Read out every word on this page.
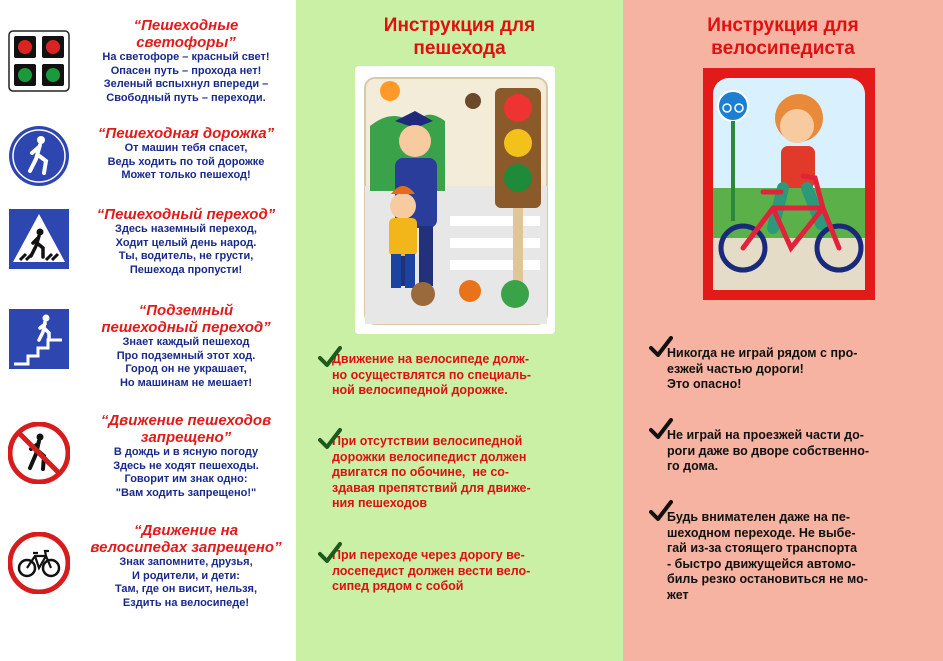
“Пешеходные
светофоры”
На светофоре – красный свет!
Опасен путь – прохода нет!
Зеленый вспыхнул впереди –
Свободный путь – переходи.
“Пешеходная дорожка”
От машин тебя спасет,
Ведь ходить по той дорожке
Может только пешеход!
“Пешеходный переход”
Здесь наземный переход,
Ходит целый день народ.
Ты, водитель, не грусти,
Пешехода пропусти!
“Подземный
пешеходный переход”
Знает каждый пешеход
Про подземный этот ход.
Город он не украшает,
Но машинам не мешает!
“Движение пешеходов
запрещено”
В дождь и в ясную погоду
Здесь не ходят пешеходы.
Говорит им знак одно:
"Вам ходить запрещено!"
“Движение на
велосипедах запрещено”
Знак запомните, друзья,
И родители, и дети:
Там, где он висит, нельзя,
Ездить на велосипеде!
Инструкция для
пешехода
Движение на велосипеде долж-
но осуществлятся по специаль-
ной велосипедной дорожке.
При отсутствии велосипедной
дорожки велосипедист должен
двигатся по обочине,  не со-
здавая препятствий для движе-
ния пешеходов
При переходе через дорогу ве-
лосепедист должен вести вело-
сипед рядом с собой
Инструкция для
велосипедиста
Никогда не играй рядом с про-
езжей частью дороги!
Это опасно!
Не играй на проезжей части до-
роги даже во дворе собственно-
го дома.
Будь внимателен даже на пе-
шеходном переходе. Не выбе-
гай из-за стоящего транспорта
- быстро движущейся автомо-
биль резко остановиться не мо-
жет
